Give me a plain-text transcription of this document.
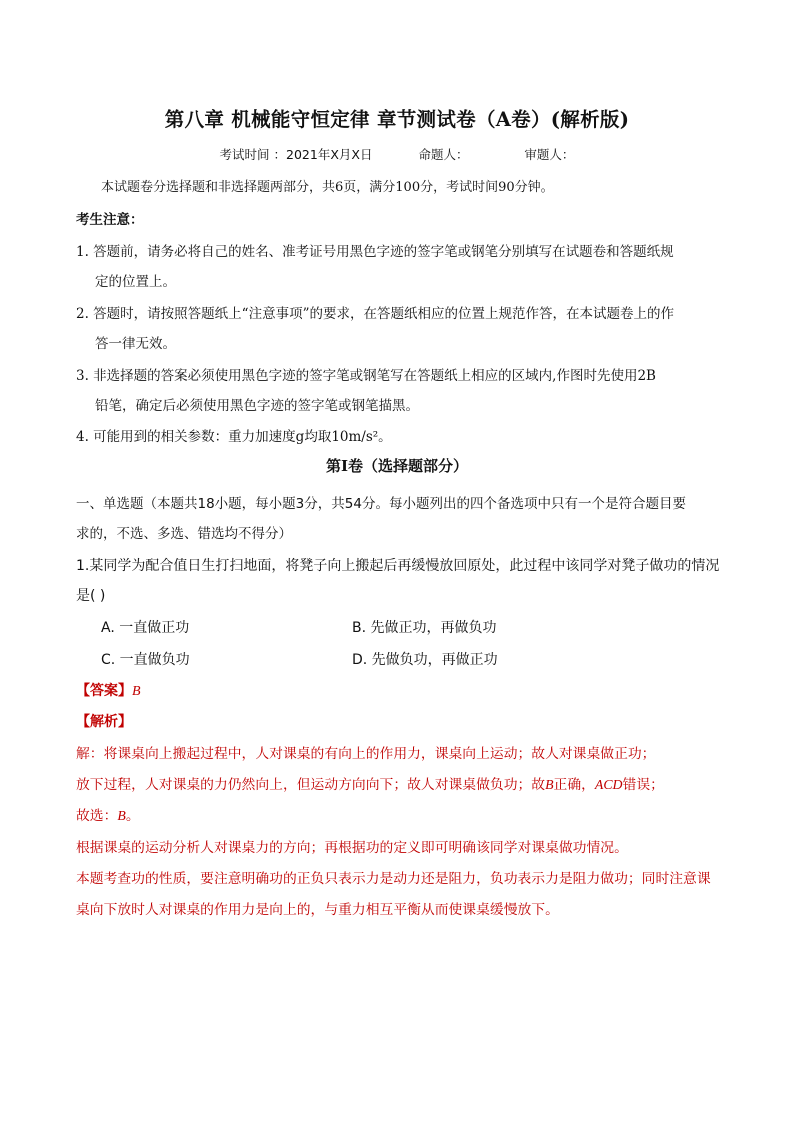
第八章 机械能守恒定律 章节测试卷（A卷）(解析版)
考试时间 ：2021年X月X日	命题人：	审题人：
本试题卷分选择题和非选择题两部分，共6页，满分100分，考试时间90分钟。
考生注意：
1. 答题前，请务必将自己的姓名、准考证号用黑色字迹的签字笔或钢笔分别填写在试题卷和答题纸规
定的位置上。
2. 答题时，请按照答题纸上“注意事项”的要求，在答题纸相应的位置上规范作答，在本试题卷上的作
答一律无效。
3. 非选择题的答案必须使用黑色字迹的签字笔或钢笔写在答题纸上相应的区域内,作图时先使用2B
铅笔，确定后必须使用黑色字迹的签字笔或钢笔描黑。
4. 可能用到的相关参数：重力加速度g均取10m/s²。
第I卷（选择题部分）
一、单选题（本题共18小题，每小题3分，共54分。每小题列出的四个备选项中只有一个是符合题目要
求的，不选、多选、错选均不得分）
1.某同学为配合值日生打扫地面，将凳子向上搬起后再缓慢放回原处，此过程中该同学对凳子做功的情况
是( )
A. 一直做正功	B. 先做正功，再做负功
C. 一直做负功	D. 先做负功，再做正功
【答案】B
【解析】
解：将课桌向上搬起过程中，人对课桌的有向上的作用力，课桌向上运动；故人对课桌做正功；
放下过程，人对课桌的力仍然向上，但运动方向向下；故人对课桌做负功；故B正确，ACD错误；
故选：B。
根据课桌的运动分析人对课桌力的方向；再根据功的定义即可明确该同学对课桌做功情况。
本题考查功的性质，要注意明确功的正负只表示力是动力还是阻力，负功表示力是阻力做功；同时注意课
桌向下放时人对课桌的作用力是向上的，与重力相互平衡从而使课桌缓慢放下。
